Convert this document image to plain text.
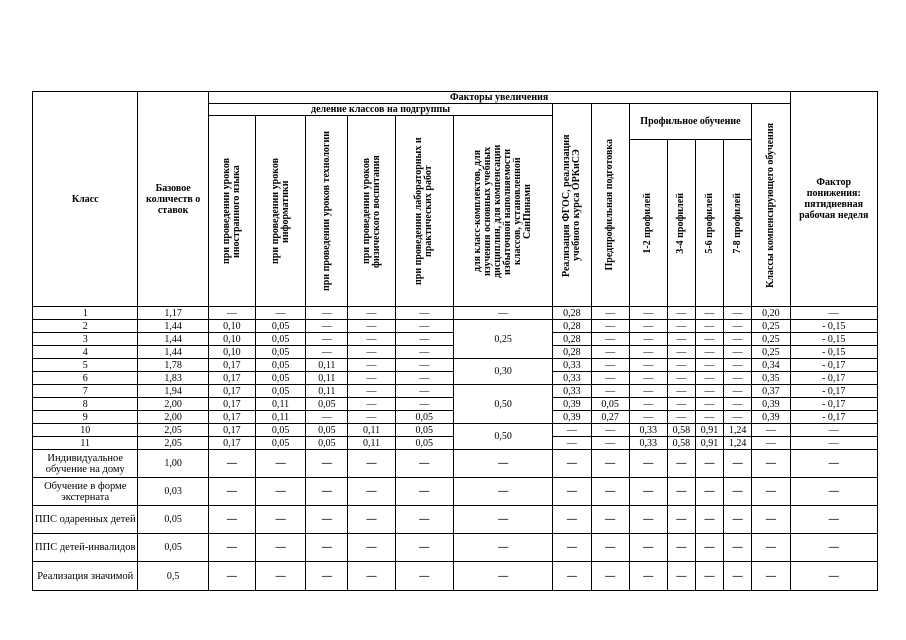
Класс	Базовое количеств о ставок	Факторы увеличения													Фактор понижения: пятидневная рабочая неделя
		деление классов на подгруппы						Реализация ФГОС, реализация учебного курса ОРКиСЭ	Предпрофильная подготовка	Профильное обучение				Классы компенсирующего обучения	

		при проведении уроков иностранного языка	при проведении уроков информатики	при проведении уроков технологии	при проведении уроков физического воспитания	при проведении лабораторных и практических работ	для класс-комплектов, для изучения основных учебных дисциплин, для компенсации избыточной наполняемости классов, установленной СанПинами								

										1-2 профилей	3-4 профилей	5-6 профилей	7-8 профилей		

1	1,17	—	—	—	—	—	—	0,28	—	—	—	—	—	0,20	—
2	1,44	0,10	0,05	—	—	—	0,25	0,28	—	—	—	—	—	0,25	- 0,15
3	1,44	0,10	0,05	—	—	—		0,28	—	—	—	—	—	0,25	- 0,15
4	1,44	0,10	0,05	—	—	—		0,28	—	—	—	—	—	0,25	- 0,15
5	1,78	0,17	0,05	0,11	—	—	0,30	0,33	—	—	—	—	—	0,34	- 0,17
6	1,83	0,17	0,05	0,11	—	—		0,33	—	—	—	—	—	0,35	- 0,17
7	1,94	0,17	0,05	0,11	—	—	0,50	0,33	—	—	—	—	—	0,37	- 0,17
8	2,00	0,17	0,11	0,05	—	—		0,39	0,05	—	—	—	—	0,39	- 0,17
9	2,00	0,17	0,11	—	—	0,05		0,39	0,27	—	—	—	—	0,39	- 0,17
10	2,05	0,17	0,05	0,05	0,11	0,05	0,50	—	—	0,33	0,58	0,91	1,24	—	—
11	2,05	0,17	0,05	0,05	0,11	0,05		—	—	0,33	0,58	0,91	1,24	—	—
Индивидуальное обучение на дому	1,00	—	—	—	—	—	—	—	—	—	—	—	—	—	—
Обучение в форме экстерната	0,03	—	—	—	—	—	—	—	—	—	—	—	—	—	—
ППС одаренных детей	0,05	—	—	—	—	—	—	—	—	—	—	—	—	—	—
ППС детей-инвалидов	0,05	—	—	—	—	—	—	—	—	—	—	—	—	—	—
Реализация значимой	0,5	—	—	—	—	—	—	—	—	—	—	—	—	—	—
